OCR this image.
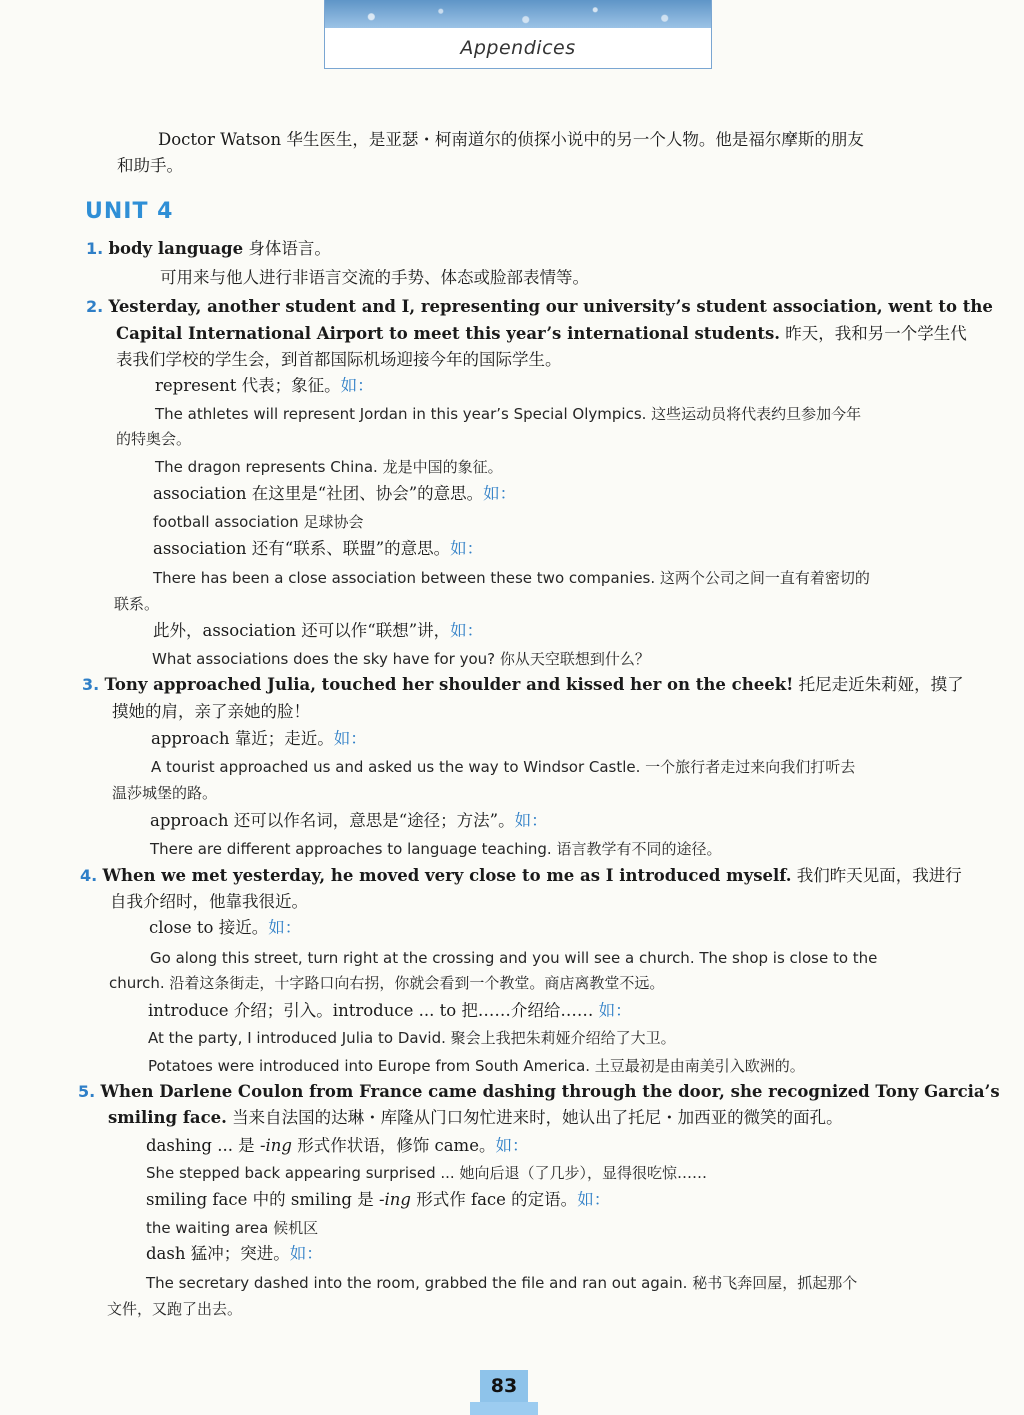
Appendices
Doctor Watson 华生医生，是亚瑟・柯南道尔的侦探小说中的另一个人物。他是福尔摩斯的朋友
和助手。
UNIT 4
1. body language 身体语言。
可用来与他人进行非语言交流的手势、体态或脸部表情等。
2. Yesterday, another student and I, representing our university’s student association, went to the
Capital International Airport to meet this year’s international students. 昨天，我和另一个学生代
表我们学校的学生会，到首都国际机场迎接今年的国际学生。
represent 代表；象征。如：
The athletes will represent Jordan in this year’s Special Olympics. 这些运动员将代表约旦参加今年
的特奥会。
The dragon represents China. 龙是中国的象征。
association 在这里是“社团、协会”的意思。如：
football association 足球协会
association 还有“联系、联盟”的意思。如：
There has been a close association between these two companies. 这两个公司之间一直有着密切的
联系。
此外，association 还可以作“联想”讲，如：
What associations does the sky have for you? 你从天空联想到什么？
3. Tony approached Julia, touched her shoulder and kissed her on the cheek! 托尼走近朱莉娅，摸了
摸她的肩，亲了亲她的脸！
approach 靠近；走近。如：
A tourist approached us and asked us the way to Windsor Castle. 一个旅行者走过来向我们打听去
温莎城堡的路。
approach 还可以作名词，意思是“途径；方法”。如：
There are different approaches to language teaching. 语言教学有不同的途径。
4. When we met yesterday, he moved very close to me as I introduced myself. 我们昨天见面，我进行
自我介绍时，他靠我很近。
close to 接近。如：
Go along this street, turn right at the crossing and you will see a church. The shop is close to the
church. 沿着这条街走，十字路口向右拐，你就会看到一个教堂。商店离教堂不远。
introduce 介绍；引入。introduce ... to 把……介绍给…… 如：
At the party, I introduced Julia to David. 聚会上我把朱莉娅介绍给了大卫。
Potatoes were introduced into Europe from South America. 土豆最初是由南美引入欧洲的。
5. When Darlene Coulon from France came dashing through the door, she recognized Tony Garcia’s
smiling face. 当来自法国的达琳・库隆从门口匆忙进来时，她认出了托尼・加西亚的微笑的面孔。
dashing ... 是 -ing 形式作状语，修饰 came。如：
She stepped back appearing surprised ... 她向后退（了几步），显得很吃惊……
smiling face 中的 smiling 是 -ing 形式作 face 的定语。如：
the waiting area 候机区
dash 猛冲；突进。如：
The secretary dashed into the room, grabbed the file and ran out again. 秘书飞奔回屋，抓起那个
文件，又跑了出去。
83
